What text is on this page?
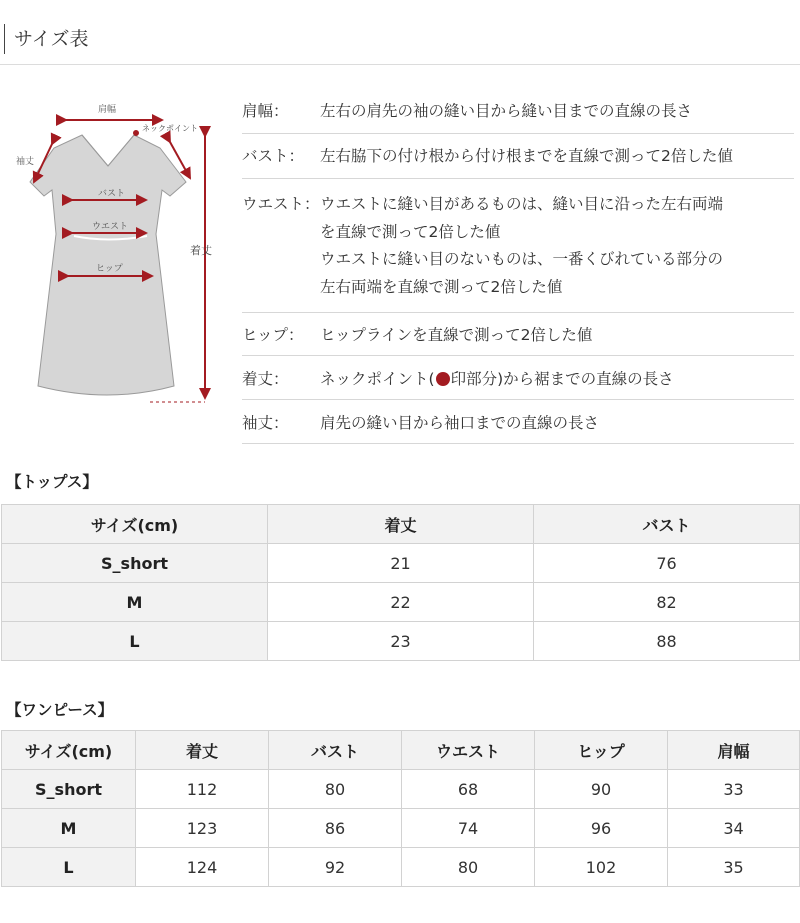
サイズ表
肩幅
ネックポイント
袖丈
バスト
ウエスト
ヒップ
着丈
肩幅：	左右の肩先の袖の縫い目から縫い目までの直線の長さ
バスト：	左右脇下の付け根から付け根までを直線で測って2倍した値
ウエスト： ウエストに縫い目があるものは、縫い目に沿った左右両端
を直線で測って2倍した値
ウエストに縫い目のないものは、一番くびれている部分の
左右両端を直線で測って2倍した値
ヒップ：	ヒップラインを直線で測って2倍した値
着丈：	ネックポイント( 印部分)から裾までの直線の長さ
袖丈：	肩先の縫い目から袖口までの直線の長さ
【トップス】
サイズ(cm)	着丈	バスト
S_short	21	76
M	22	82
L	23	88
【ワンピース】
サイズ(cm)	着丈	バスト	ウエスト	ヒップ	肩幅
S_short	112	80	68	90	33
M	123	86	74	96	34
L	124	92	80	102	35
